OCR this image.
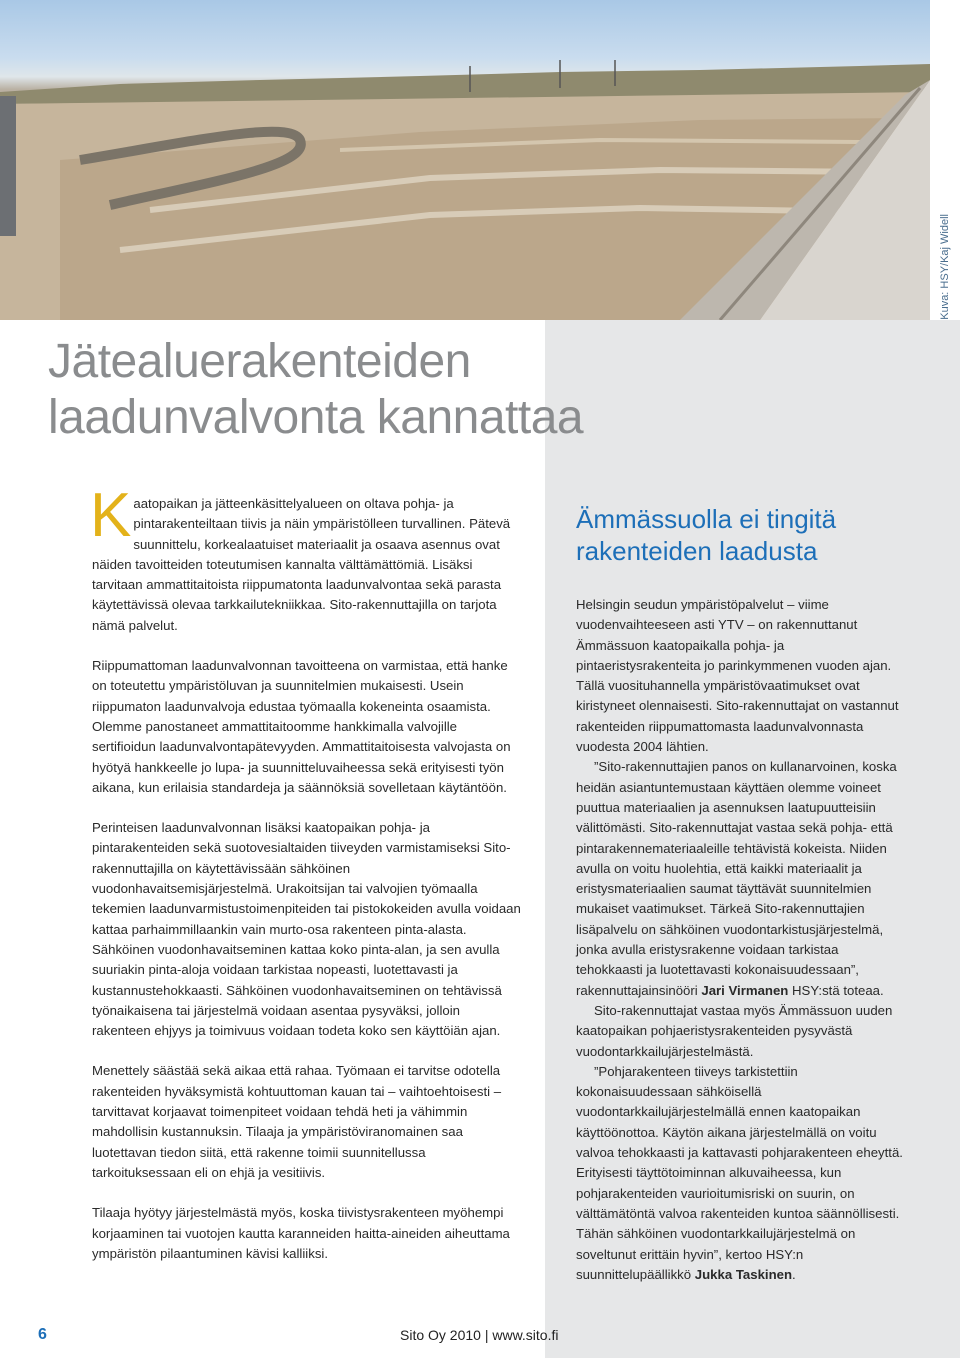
Kuva: HSY/Kaj Widell
Jätealuerakenteiden
laadunvalvonta kannattaa

Kaatopaikan ja jätteenkäsittelyalueen on oltava pohja- ja pintarakenteiltaan tiivis ja näin ympäristölleen turvallinen. Pätevä suunnittelu, korkealaatuiset materiaalit ja osaava asennus ovat näiden tavoitteiden toteutumisen kannalta välttämättömiä. Lisäksi tarvitaan ammattitaitoista riippumatonta laadunvalvontaa sekä parasta käytettävissä olevaa tarkkailutekniikkaa. Sito-rakennuttajilla on tarjota nämä palvelut.

Riippumattoman laadunvalvonnan tavoitteena on varmistaa, että hanke on toteutettu ympäristöluvan ja suunnitelmien mukaisesti. Usein riippumaton laadunvalvoja edustaa työmaalla kokeneinta osaamista. Olemme panostaneet ammattitaitoomme hankkimalla valvojille sertifioidun laadunvalvontapätevyyden. Ammattitaitoisesta valvojasta on hyötyä hankkeelle jo lupa- ja suunnitteluvaiheessa sekä erityisesti työn aikana, kun erilaisia standardeja ja säännöksiä sovelletaan käytäntöön.

Perinteisen laadunvalvonnan lisäksi kaatopaikan pohja- ja pintarakenteiden sekä suotovesialtaiden tiiveyden varmistamiseksi Sito-rakennuttajilla on käytettävissään sähköinen vuodonhavaitsemisjärjestelmä. Urakoitsijan tai valvojien työmaalla tekemien laadunvarmistustoimenpiteiden tai pistokokeiden avulla voidaan kattaa parhaimmillaankin vain murto-osa rakenteen pinta-alasta. Sähköinen vuodonhavaitseminen kattaa koko pinta-alan, ja sen avulla suuriakin pinta-aloja voidaan tarkistaa nopeasti, luotettavasti ja kustannustehokkaasti. Sähköinen vuodonhavaitseminen on tehtävissä työnaikaisena tai järjestelmä voidaan asentaa pysyväksi, jolloin rakenteen ehjyys ja toimivuus voidaan todeta koko sen käyttöiän ajan.

Menettely säästää sekä aikaa että rahaa. Työmaan ei tarvitse odotella rakenteiden hyväksymistä kohtuuttoman kauan tai – vaihtoehtoisesti – tarvittavat korjaavat toimenpiteet voidaan tehdä heti ja vähimmin mahdollisin kustannuksin. Tilaaja ja ympäristöviranomainen saa luotettavan tiedon siitä, että rakenne toimii suunnitellussa tarkoituksessaan eli on ehjä ja vesitiivis.

Tilaaja hyötyy järjestelmästä myös, koska tiivistysrakenteen myöhempi korjaaminen tai vuotojen kautta karanneiden haitta-aineiden aiheuttama ympäristön pilaantuminen kävisi kalliiksi.

Ämmässuolla ei tingitä
rakenteiden laadusta

Helsingin seudun ympäristöpalvelut – viime vuodenvaihteeseen asti YTV – on rakennuttanut Ämmässuon kaatopaikalla pohja- ja pintaeristysrakenteita jo parinkymmenen vuoden ajan. Tällä vuosituhannella ympäristövaatimukset ovat kiristyneet olennaisesti. Sito-rakennuttajat on vastannut rakenteiden riippumattomasta laadunvalvonnasta vuodesta 2004 lähtien.

”Sito-rakennuttajien panos on kullanarvoinen, koska heidän asiantuntemustaan käyttäen olemme voineet puuttua materiaalien ja asennuksen laatupuutteisiin välittömästi. Sito-rakennuttajat vastaa sekä pohja- että pintarakennemateriaaleille tehtävistä kokeista. Niiden avulla on voitu huolehtia, että kaikki materiaalit ja eristysmateriaalien saumat täyttävät suunnitelmien mukaiset vaatimukset. Tärkeä Sito-rakennuttajien lisäpalvelu on sähköinen vuodontarkistusjärjestelmä, jonka avulla eristysrakenne voidaan tarkistaa tehokkaasti ja luotettavasti kokonaisuudessaan”, rakennuttajainsinööri Jari Virmanen HSY:stä toteaa.

Sito-rakennuttajat vastaa myös Ämmässuon uuden kaatopaikan pohjaeristysrakenteiden pysyvästä vuodontarkkailujärjestelmästä.

”Pohjarakenteen tiiveys tarkistettiin kokonaisuudessaan sähköisellä vuodontarkkailujärjestelmällä ennen kaatopaikan käyttöönottoa. Käytön aikana järjestelmällä on voitu valvoa tehokkaasti ja kattavasti pohjarakenteen eheyttä. Erityisesti täyttötoiminnan alkuvaiheessa, kun pohjarakenteiden vaurioitumisriski on suurin, on välttämätöntä valvoa rakenteiden kuntoa säännöllisesti. Tähän sähköinen vuodontarkkailujärjestelmä on soveltunut erittäin hyvin”, kertoo HSY:n suunnittelupäällikkö Jukka Taskinen.

6	Sito Oy 2010 | www.sito.fi
